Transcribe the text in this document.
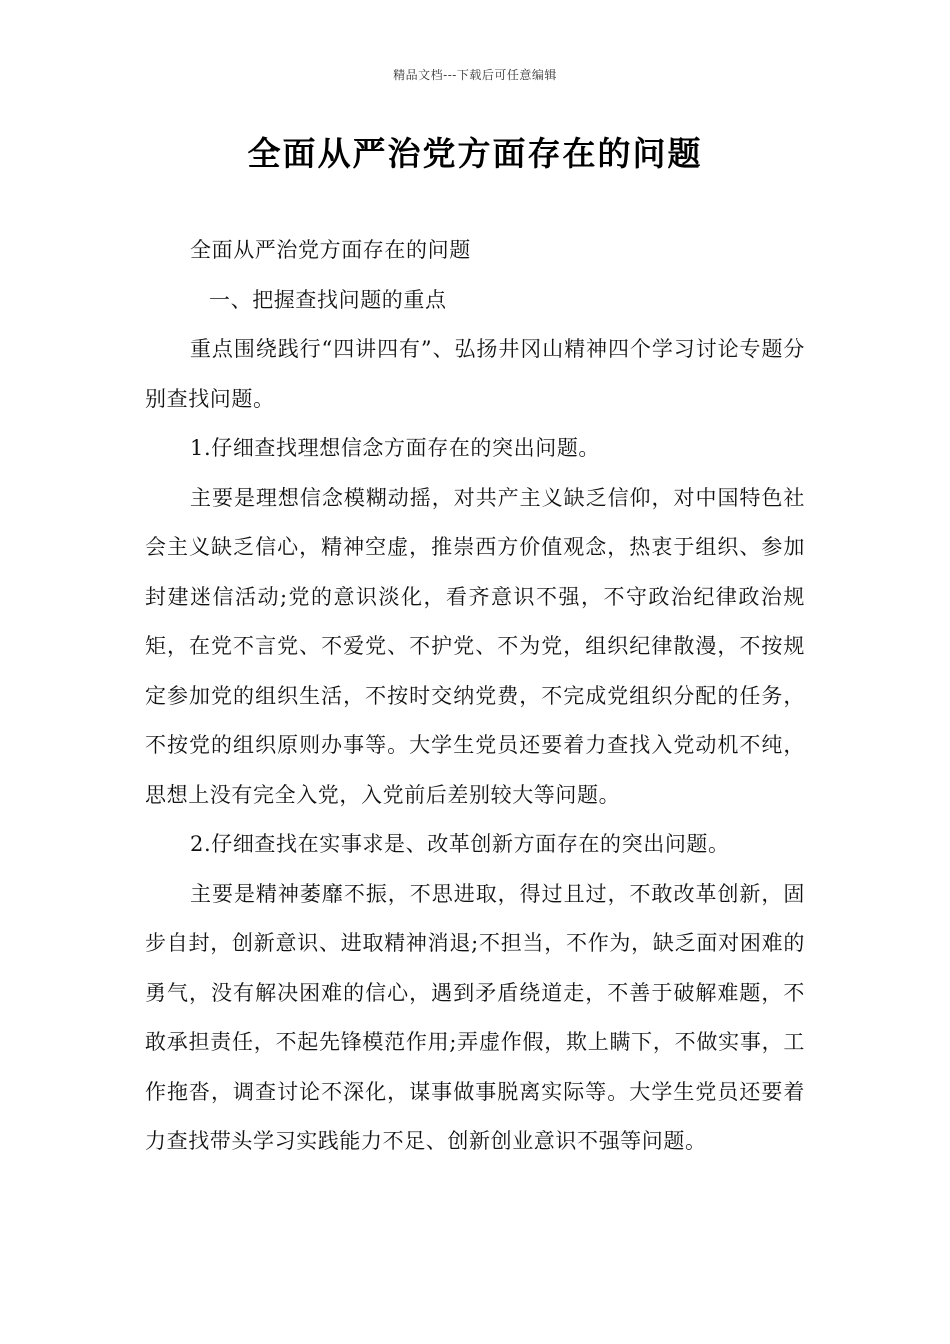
精品文档---下载后可任意编辑
全面从严治党方面存在的问题

全面从严治党方面存在的问题

一、把握查找问题的重点

重点围绕践行“四讲四有”、弘扬井冈山精神四个学习讨论专题分别查找问题。

1.仔细查找理想信念方面存在的突出问题。

主要是理想信念模糊动摇，对共产主义缺乏信仰，对中国特色社会主义缺乏信心，精神空虚，推崇西方价值观念，热衷于组织、参加封建迷信活动;党的意识淡化，看齐意识不强，不守政治纪律政治规矩，在党不言党、不爱党、不护党、不为党，组织纪律散漫，不按规定参加党的组织生活，不按时交纳党费，不完成党组织分配的任务，不按党的组织原则办事等。大学生党员还要着力查找入党动机不纯，思想上没有完全入党，入党前后差别较大等问题。

2.仔细查找在实事求是、改革创新方面存在的突出问题。

主要是精神萎靡不振，不思进取，得过且过，不敢改革创新，固步自封，创新意识、进取精神消退;不担当，不作为，缺乏面对困难的勇气，没有解决困难的信心，遇到矛盾绕道走，不善于破解难题，不敢承担责任，不起先锋模范作用;弄虚作假，欺上瞒下，不做实事，工作拖沓，调查讨论不深化，谋事做事脱离实际等。大学生党员还要着力查找带头学习实践能力不足、创新创业意识不强等问题。
